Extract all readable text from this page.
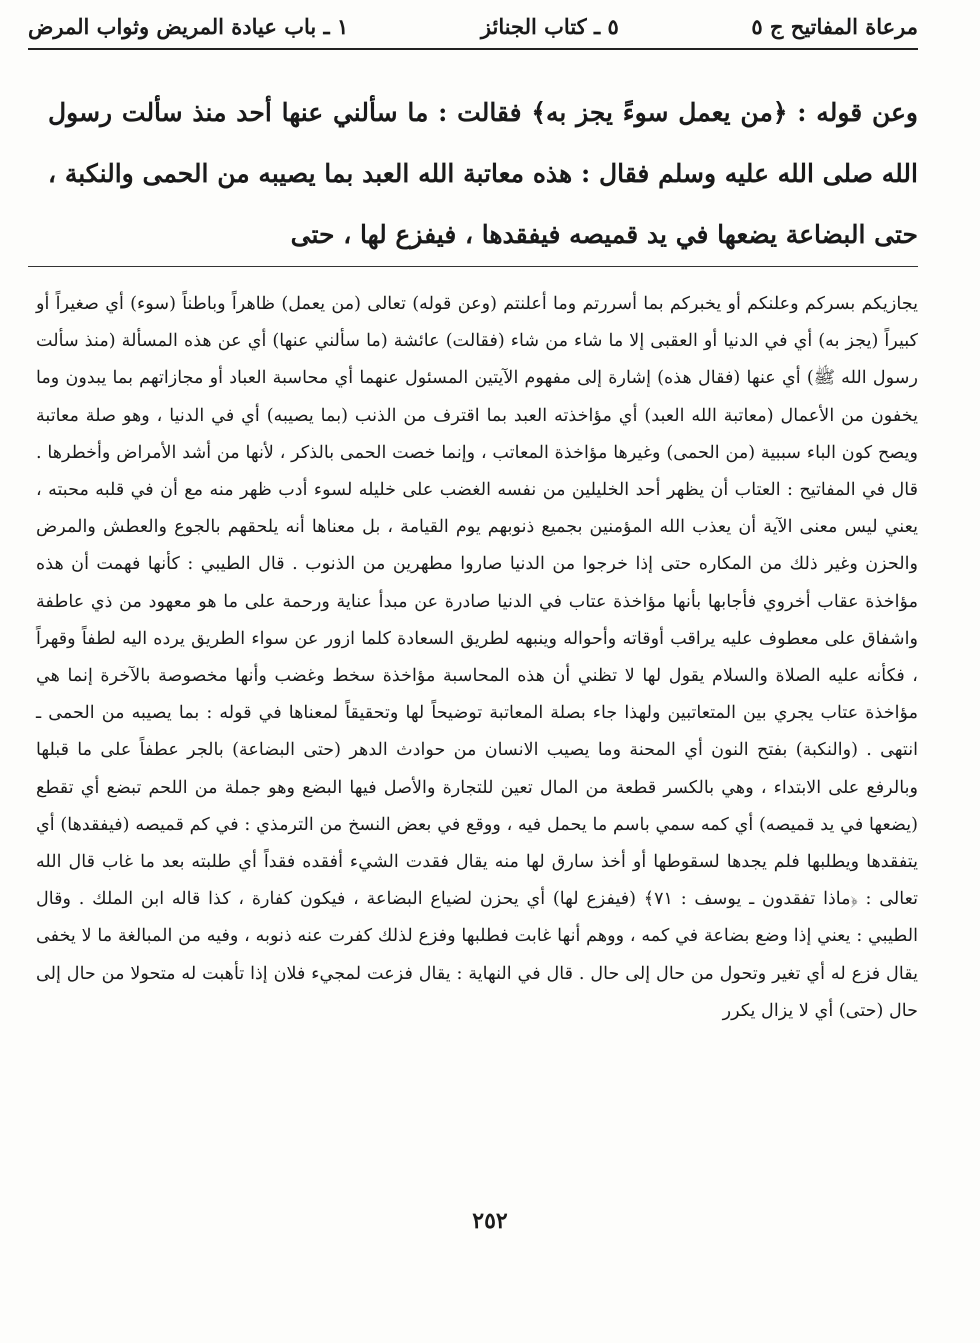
مرعاة المفاتيح ج ٥
٥ ـ كتاب الجنائز
١ ـ باب عيادة المريض وثواب المرض
وعن قوله : ﴿من يعمل سوءً يجز به﴾ فقالت : ما سألني عنها أحد منذ سألت رسول الله صلى الله عليه وسلم فقال : هذه معاتبة الله العبد بما يصيبه من الحمى والنكبة ، حتى البضاعة يضعها في يد قميصه فيفقدها ، فيفزع لها ، حتى

يجازيكم بسركم وعلنكم أو يخبركم بما أسررتم وما أعلنتم (وعن قوله) تعالى (من يعمل) ظاهراً وباطناً (سوء) أي صغيراً أو كبيراً (يجز به) أي في الدنيا أو العقبى إلا ما شاء من شاء (فقالت) عائشة (ما سألني عنها) أي عن هذه المسألة (منذ سألت رسول الله ﷺ) أي عنها (فقال هذه) إشارة إلى مفهوم الآيتين المسئول عنهما أي محاسبة العباد أو مجازاتهم بما يبدون وما يخفون من الأعمال (معاتبة الله العبد) أي مؤاخذته العبد بما اقترف من الذنب (بما يصيبه) أي في الدنيا ، وهو صلة معاتبة ويصح كون الباء سببية (من الحمى) وغيرها مؤاخذة المعاتب ، وإنما خصت الحمى بالذكر ، لأنها من أشد الأمراض وأخطرها . قال في المفاتيح : العتاب أن يظهر أحد الخليلين من نفسه الغضب على خليله لسوء أدب ظهر منه مع أن في قلبه محبته ، يعني ليس معنى الآية أن يعذب الله المؤمنين بجميع ذنوبهم يوم القيامة ، بل معناها أنه يلحقهم بالجوع والعطش والمرض والحزن وغير ذلك من المكاره حتى إذا خرجوا من الدنيا صاروا مطهرين من الذنوب . قال الطيبي : كأنها فهمت أن هذه مؤاخذة عقاب أخروي فأجابها بأنها مؤاخذة عتاب في الدنيا صادرة عن مبدأ عناية ورحمة على ما هو معهود من ذي عاطفة واشفاق على معطوف عليه يراقب أوقاته وأحواله وينبهه لطريق السعادة كلما ازور عن سواء الطريق يرده اليه لطفاً وقهراً ، فكأنه عليه الصلاة والسلام يقول لها لا تظني أن هذه المحاسبة مؤاخذة سخط وغضب وأنها مخصوصة بالآخرة إنما هي مؤاخذة عتاب يجري بين المتعاتبين ولهذا جاء بصلة المعاتبة توضيحاً لها وتحقيقاً لمعناها في قوله : بما يصيبه من الحمى ـ انتهى . (والنكبة) بفتح النون أي المحنة وما يصيب الانسان من حوادث الدهر (حتى البضاعة) بالجر عطفاً على ما قبلها وبالرفع على الابتداء ، وهي بالكسر قطعة من المال تعين للتجارة والأصل فيها البضع وهو جملة من اللحم تبضع أي تقطع (يضعها في يد قميصه) أي كمه سمي باسم ما يحمل فيه ، ووقع في بعض النسخ من الترمذي : في كم قميصه (فيفقدها) أي يتفقدها ويطلبها فلم يجدها لسقوطها أو أخذ سارق لها منه يقال فقدت الشيء أفقده فقداً أي طلبته بعد ما غاب قال الله تعالى : ﴿ماذا تفقدون ـ يوسف : ٧١﴾ (فيفزع لها) أي يحزن لضياع البضاعة ، فيكون كفارة ، كذا قاله ابن الملك . وقال الطيبي : يعني إذا وضع بضاعة في كمه ، ووهم أنها غابت فطلبها وفزع لذلك كفرت عنه ذنوبه ، وفيه من المبالغة ما لا يخفى يقال فزع له أي تغير وتحول من حال إلى حال . قال في النهاية : يقال فزعت لمجيء فلان إذا تأهبت له متحولا من حال إلى حال (حتى) أي لا يزال يكرر

٢٥٢
